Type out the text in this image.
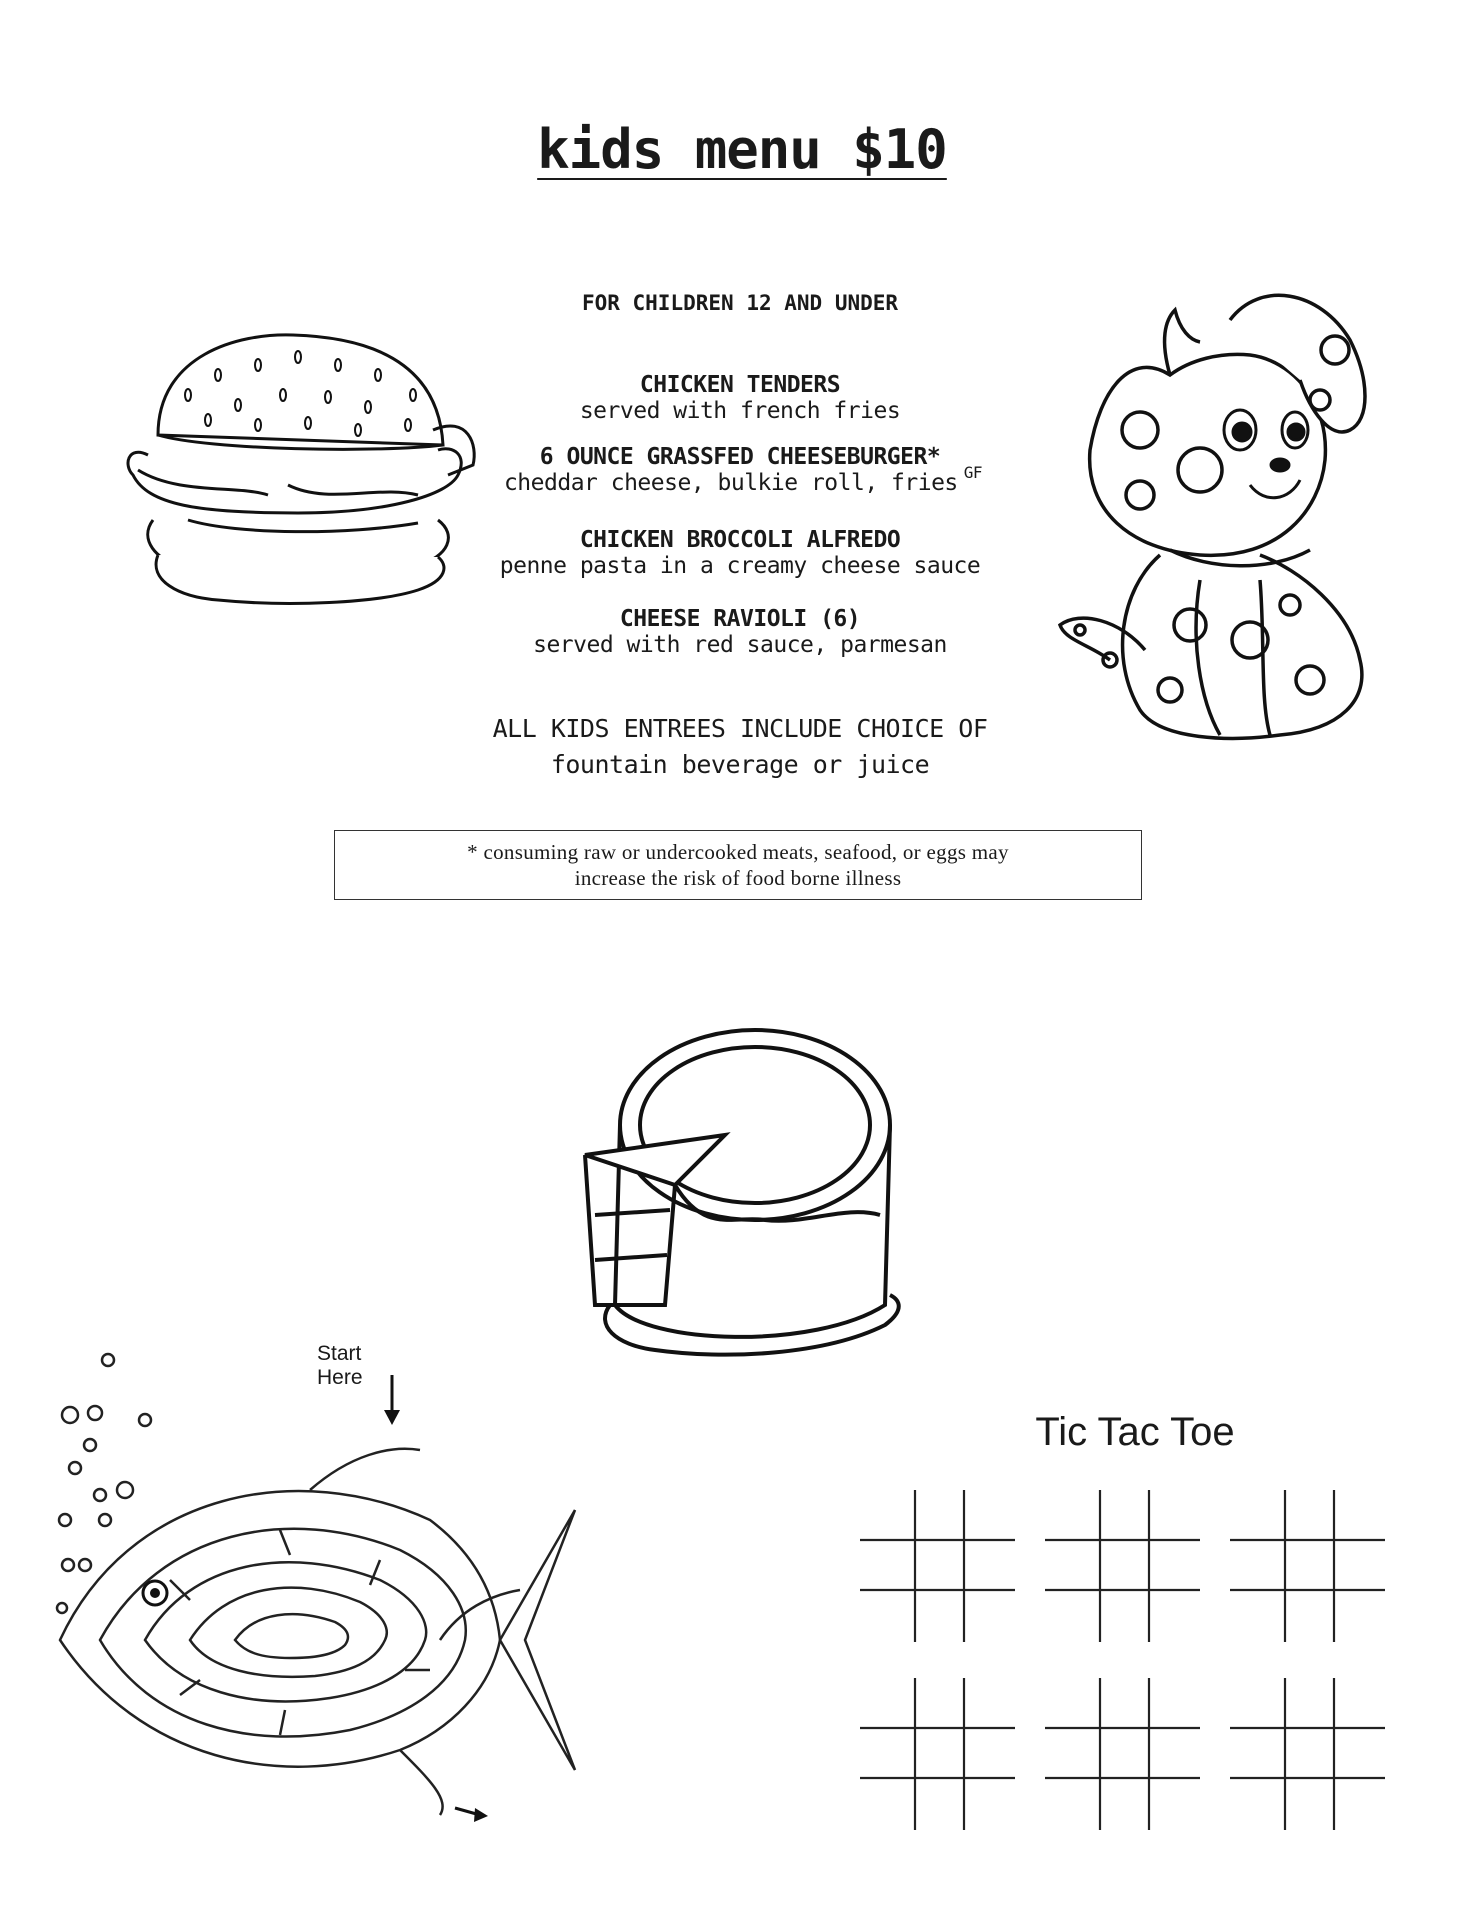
kids menu $10
FOR CHILDREN 12 AND UNDER
CHICKEN TENDERS
served with french fries
6 OUNCE GRASSFED CHEESEBURGER*
cheddar cheese, bulkie roll, fries $^{GF}$
CHICKEN BROCCOLI ALFREDO
penne pasta in a creamy cheese sauce
CHEESE RAVIOLI (6)
served with red sauce, parmesan
ALL KIDS ENTREES INCLUDE CHOICE OF
fountain beverage or juice
* consuming raw or undercooked meats, seafood, or eggs may
increase the risk of food borne illness
Start
Here
Tic Tac Toe
